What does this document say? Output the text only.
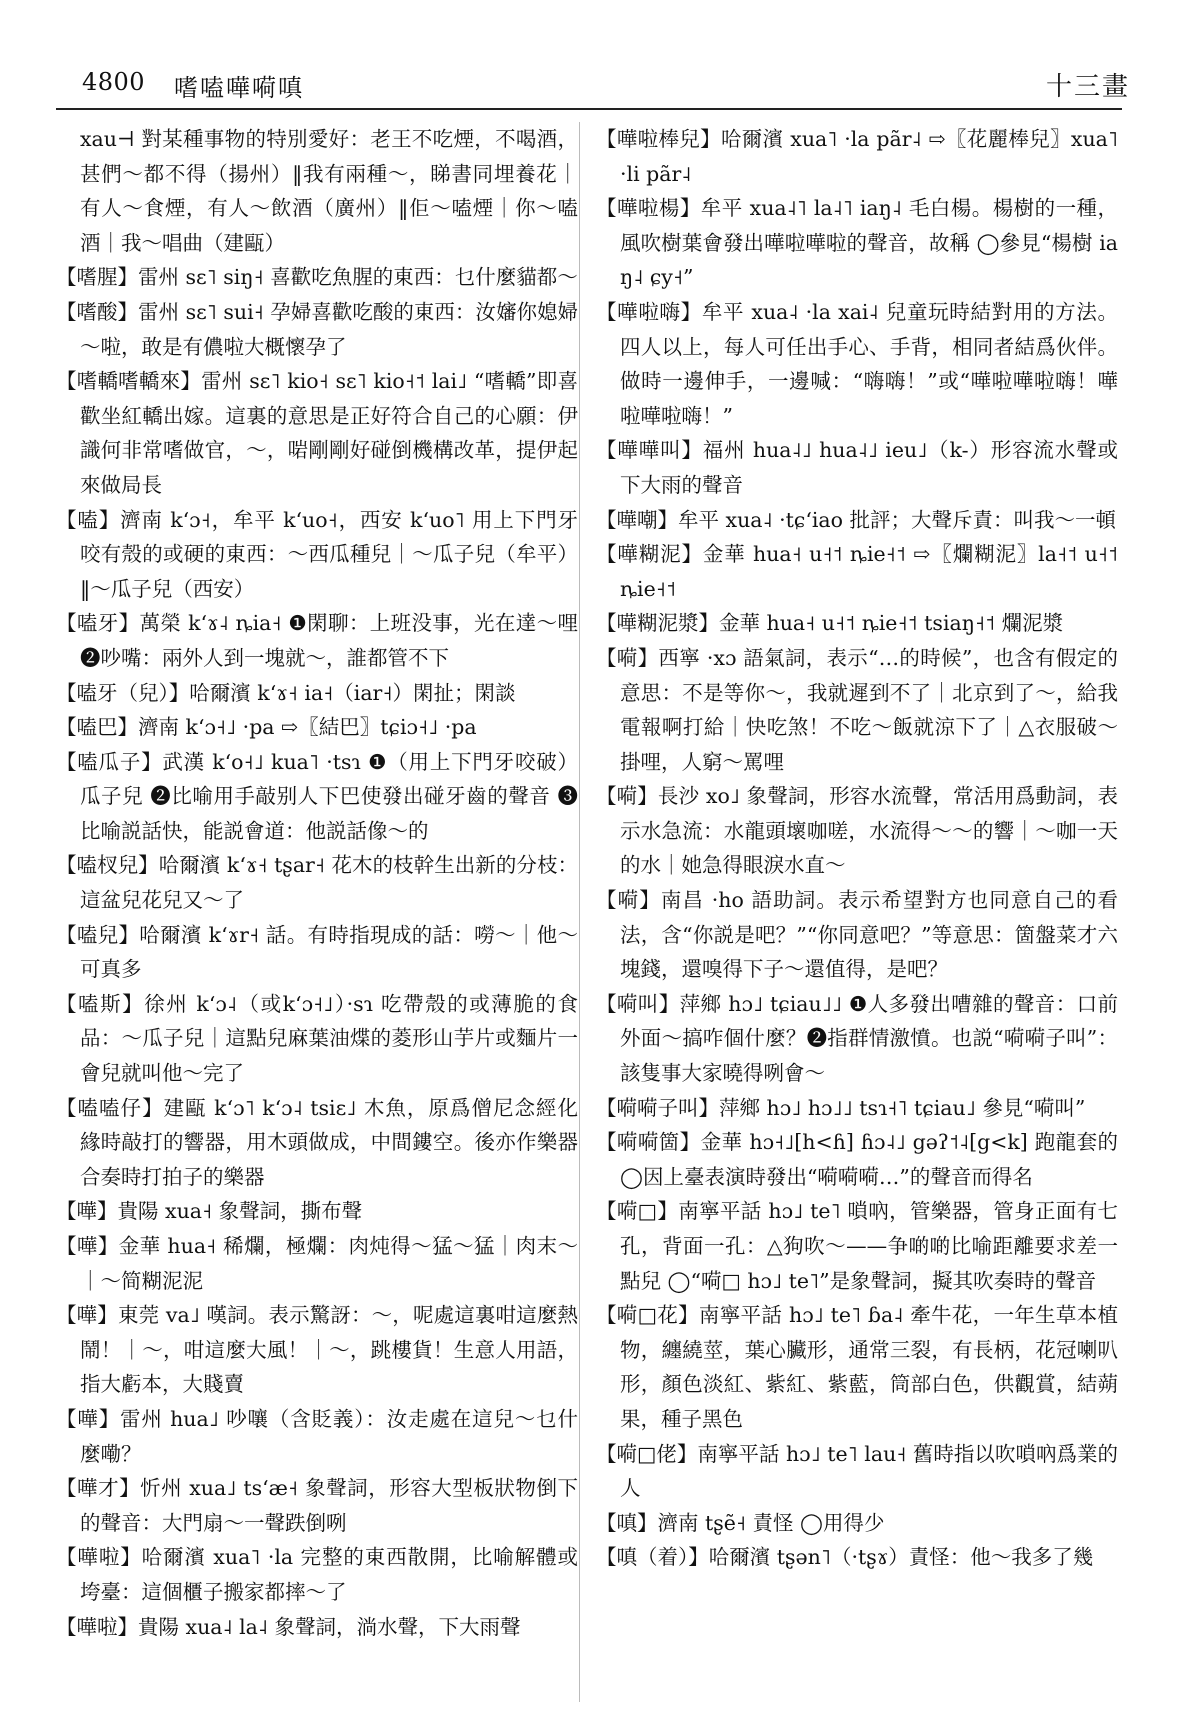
4800 嗜嗑嘩嗬嗔	十三畫

xau⊣ 對某種事物的特別愛好：老王不吃煙，不喝酒，甚們～都不得（揚州）‖我有兩種～，睇書同埋養花｜有人～食煙，有人～飲酒（廣州）‖佢～嗑煙｜你～嗑酒｜我～唱曲（建甌）

【嗜腥】雷州 sɛ˥ siŋ˧ 喜歡吃魚腥的東西：乜什麼貓都～

【嗜酸】雷州 sɛ˥ sui˧ 孕婦喜歡吃酸的東西：汝嬸你媳婦～啦，敢是有儂啦大概懷孕了

【嗜轎嗜轎來】雷州 sɛ˥ kio˧ sɛ˥ kio˧˦ lai˩ “嗜轎”即喜歡坐紅轎出嫁。這裏的意思是正好符合自己的心願：伊識何非常嗜做官，～，啱剛剛好碰倒機構改革，提伊起來做局長

【嗑】濟南 kʻɔ˧，牟平 kʻuo˧，西安 kʻuo˥ 用上下門牙咬有殼的或硬的東西：～西瓜種兒｜～瓜子兒（牟平）‖～瓜子兒（西安）

【嗑牙】萬榮 kʻɤ˨ ȵia˧ ❶閑聊：上班没事，光在達～哩 ❷吵嘴：兩外人到一塊就～，誰都管不下

【嗑牙（兒）】哈爾濱 kʻɤ˧ ia˧（iar˧）閑扯；閑談

【嗑巴】濟南 kʻɔ˧˩ ·pa ⇨〖結巴〗tɕiɔ˧˩ ·pa

【嗑瓜子】武漢 kʻo˧˩ kua˥ ·tsɿ ❶（用上下門牙咬破）瓜子兒 ❷比喻用手敲别人下巴使發出碰牙齒的聲音 ❸比喻説話快，能説會道：他説話像～的

【嗑杈兒】哈爾濱 kʻɤ˧ tʂar˧ 花木的枝幹生出新的分枝：這盆兒花兒又～了

【嗑兒】哈爾濱 kʻɤr˧ 話。有時指現成的話：嘮～｜他～可真多

【嗑斯】徐州 kʻɔ˨（或kʻɔ˧˩）·sɿ 吃帶殼的或薄脆的食品：～瓜子兒｜這點兒麻葉油煠的菱形山芋片或麵片一會兒就叫他～完了

【嗑嗑仔】建甌 kʻɔ˥ kʻɔ˨ tsiɛ˩ 木魚，原爲僧尼念經化緣時敲打的響器，用木頭做成，中間鏤空。後亦作樂器合奏時打拍子的樂器

【嘩】貴陽 xua˧ 象聲詞，撕布聲

【嘩】金華 hua˧ 稀爛，極爛：肉炖得～猛～猛｜肉末～｜～简糊泥泥

【嘩】東莞 va˩ 嘆詞。表示驚訝：～，呢處這裏咁這麼熱鬧！｜～，咁這麼大風！｜～，跳樓貨！生意人用語，指大虧本，大賤賣

【嘩】雷州 hua˩ 吵嚷（含貶義）：汝走處在這兒～乜什麼嘞？

【嘩才】忻州 xua˩ tsʻæ˧ 象聲詞，形容大型板狀物倒下的聲音：大門扇～一聲跌倒咧

【嘩啦】哈爾濱 xua˥ ·la 完整的東西散開，比喻解體或垮臺：這個櫃子搬家都摔～了

【嘩啦】貴陽 xua˨ la˨ 象聲詞，淌水聲，下大雨聲

【嘩啦棒兒】哈爾濱 xua˥ ·la pãr˨ ⇨〖花麗棒兒〗xua˥ ·li pãr˨

【嘩啦楊】牟平 xua˨˥ la˨˥ iaŋ˨ 毛白楊。楊樹的一種，風吹樹葉會發出嘩啦嘩啦的聲音，故稱 ◯參見“楊樹 iaŋ˨ ɕy˧”

【嘩啦嗨】牟平 xua˨ ·la xai˨ 兒童玩時結對用的方法。四人以上，每人可任出手心、手背，相同者結爲伙伴。做時一邊伸手，一邊喊：“嗨嗨！”或“嘩啦嘩啦嗨！嘩啦嘩啦嗨！”

【嘩嘩叫】福州 hua˨˩ hua˨˩ ieu˩（k-）形容流水聲或下大雨的聲音

【嘩嘲】牟平 xua˨ ·tɕʻiao 批評；大聲斥責：叫我～一頓

【嘩糊泥】金華 hua˧ u˧˦ ȵie˧˦ ⇨〖爛糊泥〗la˧˦ u˧˦ ȵie˧˦

【嘩糊泥漿】金華 hua˧ u˧˦ ȵie˧˦ tsiaŋ˧˦ 爛泥漿

【嗬】西寧 ·xɔ 語氣詞，表示“…的時候”，也含有假定的意思：不是等你～，我就遲到不了｜北京到了～，給我電報啊打給｜快吃煞！不吃～飯就涼下了｜△衣服破～掛哩，人窮～罵哩

【嗬】長沙 xo˩ 象聲詞，形容水流聲，常活用爲動詞，表示水急流：水龍頭壞咖嗟，水流得～～的響｜～咖一天的水｜她急得眼淚水直～

【嗬】南昌 ·ho 語助詞。表示希望對方也同意自己的看法，含“你説是吧？”“你同意吧？”等意思：箇盤菜才六塊錢，還嗅得下子～還值得，是吧？

【嗬叫】萍鄉 hɔ˩ tɕiau˩˩ ❶人多發出嘈雜的聲音：口前外面～搞咋個什麼？❷指群情激憤。也説“嗬嗬子叫”：該隻事大家曉得咧會～

【嗬嗬子叫】萍鄉 hɔ˩ hɔ˩˩ tsɿ˧˥ tɕiau˩ 參見“嗬叫”

【嗬嗬箇】金華 hɔ˧˩[h<ɦ] ɦɔ˨˩ gəʔ˦˨[g<k] 跑龍套的 ◯因上臺表演時發出“嗬嗬嗬…”的聲音而得名

【嗬□】南寧平話 hɔ˩ te˥ 嗩吶，管樂器，管身正面有七孔，背面一孔：△狗吹～——争啲啲比喻距離要求差一點兒 ◯“嗬□ hɔ˩ te˥”是象聲詞，擬其吹奏時的聲音

【嗬□花】南寧平話 hɔ˩ te˥ ɓa˨ 牽牛花，一年生草本植物，纏繞莖，葉心臟形，通常三裂，有長柄，花冠喇叭形，顏色淡紅、紫紅、紫藍，筒部白色，供觀賞，結蒴果，種子黑色

【嗬□佬】南寧平話 hɔ˩ te˥ lau˧ 舊時指以吹嗩吶爲業的人

【嗔】濟南 tʂẽ˧ 責怪 ◯用得少

【嗔（着）】哈爾濱 tʂən˥（·tʂɤ）責怪：他～我多了幾
